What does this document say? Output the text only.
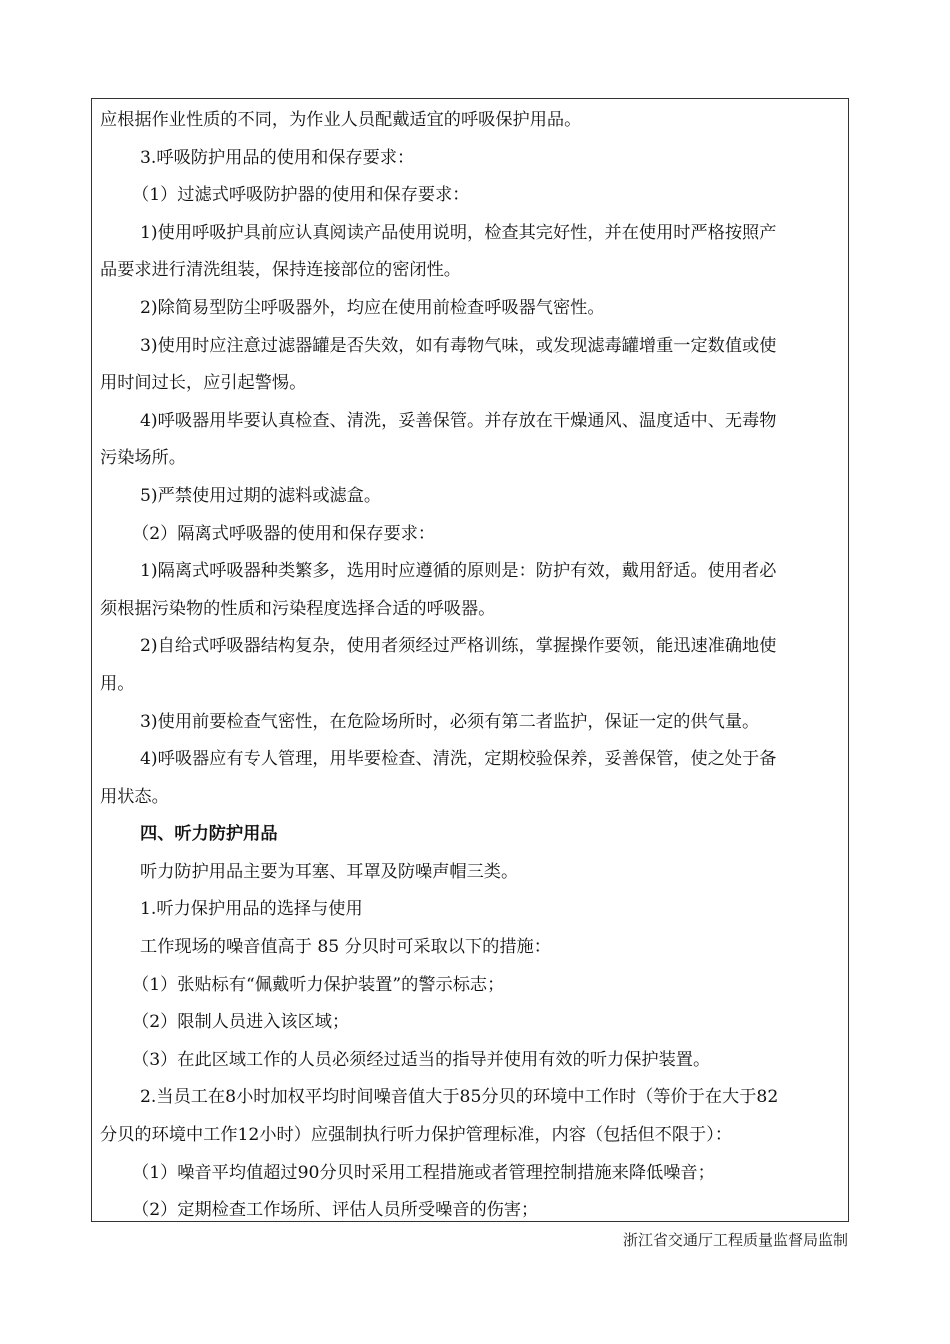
应根据作业性质的不同，为作业人员配戴适宜的呼吸保护用品。
3.呼吸防护用品的使用和保存要求：
（1）过滤式呼吸防护器的使用和保存要求：
1)使用呼吸护具前应认真阅读产品使用说明，检查其完好性，并在使用时严格按照产
品要求进行清洗组装，保持连接部位的密闭性。
2)除简易型防尘呼吸器外，均应在使用前检查呼吸器气密性。
3)使用时应注意过滤器罐是否失效，如有毒物气味，或发现滤毒罐增重一定数值或使
用时间过长，应引起警惕。
4)呼吸器用毕要认真检查、清洗，妥善保管。并存放在干燥通风、温度适中、无毒物
污染场所。
5)严禁使用过期的滤料或滤盒。
（2）隔离式呼吸器的使用和保存要求：
1)隔离式呼吸器种类繁多，选用时应遵循的原则是：防护有效，戴用舒适。使用者必
须根据污染物的性质和污染程度选择合适的呼吸器。
2)自给式呼吸器结构复杂，使用者须经过严格训练，掌握操作要领，能迅速准确地使
用。
3)使用前要检查气密性，在危险场所时，必须有第二者监护，保证一定的供气量。
4)呼吸器应有专人管理，用毕要检查、清洗，定期校验保养，妥善保管，使之处于备
用状态。
四、听力防护用品
听力防护用品主要为耳塞、耳罩及防噪声帽三类。
1.听力保护用品的选择与使用
工作现场的噪音值高于 85 分贝时可采取以下的措施：
（1）张贴标有“佩戴听力保护装置”的警示标志；
（2）限制人员进入该区域；
（3）在此区域工作的人员必须经过适当的指导并使用有效的听力保护装置。
2.当员工在8小时加权平均时间噪音值大于85分贝的环境中工作时（等价于在大于82
分贝的环境中工作12小时）应强制执行听力保护管理标准，内容（包括但不限于）：
（1）噪音平均值超过90分贝时采用工程措施或者管理控制措施来降低噪音；
（2）定期检查工作场所、评估人员所受噪音的伤害；
浙江省交通厅工程质量监督局监制
